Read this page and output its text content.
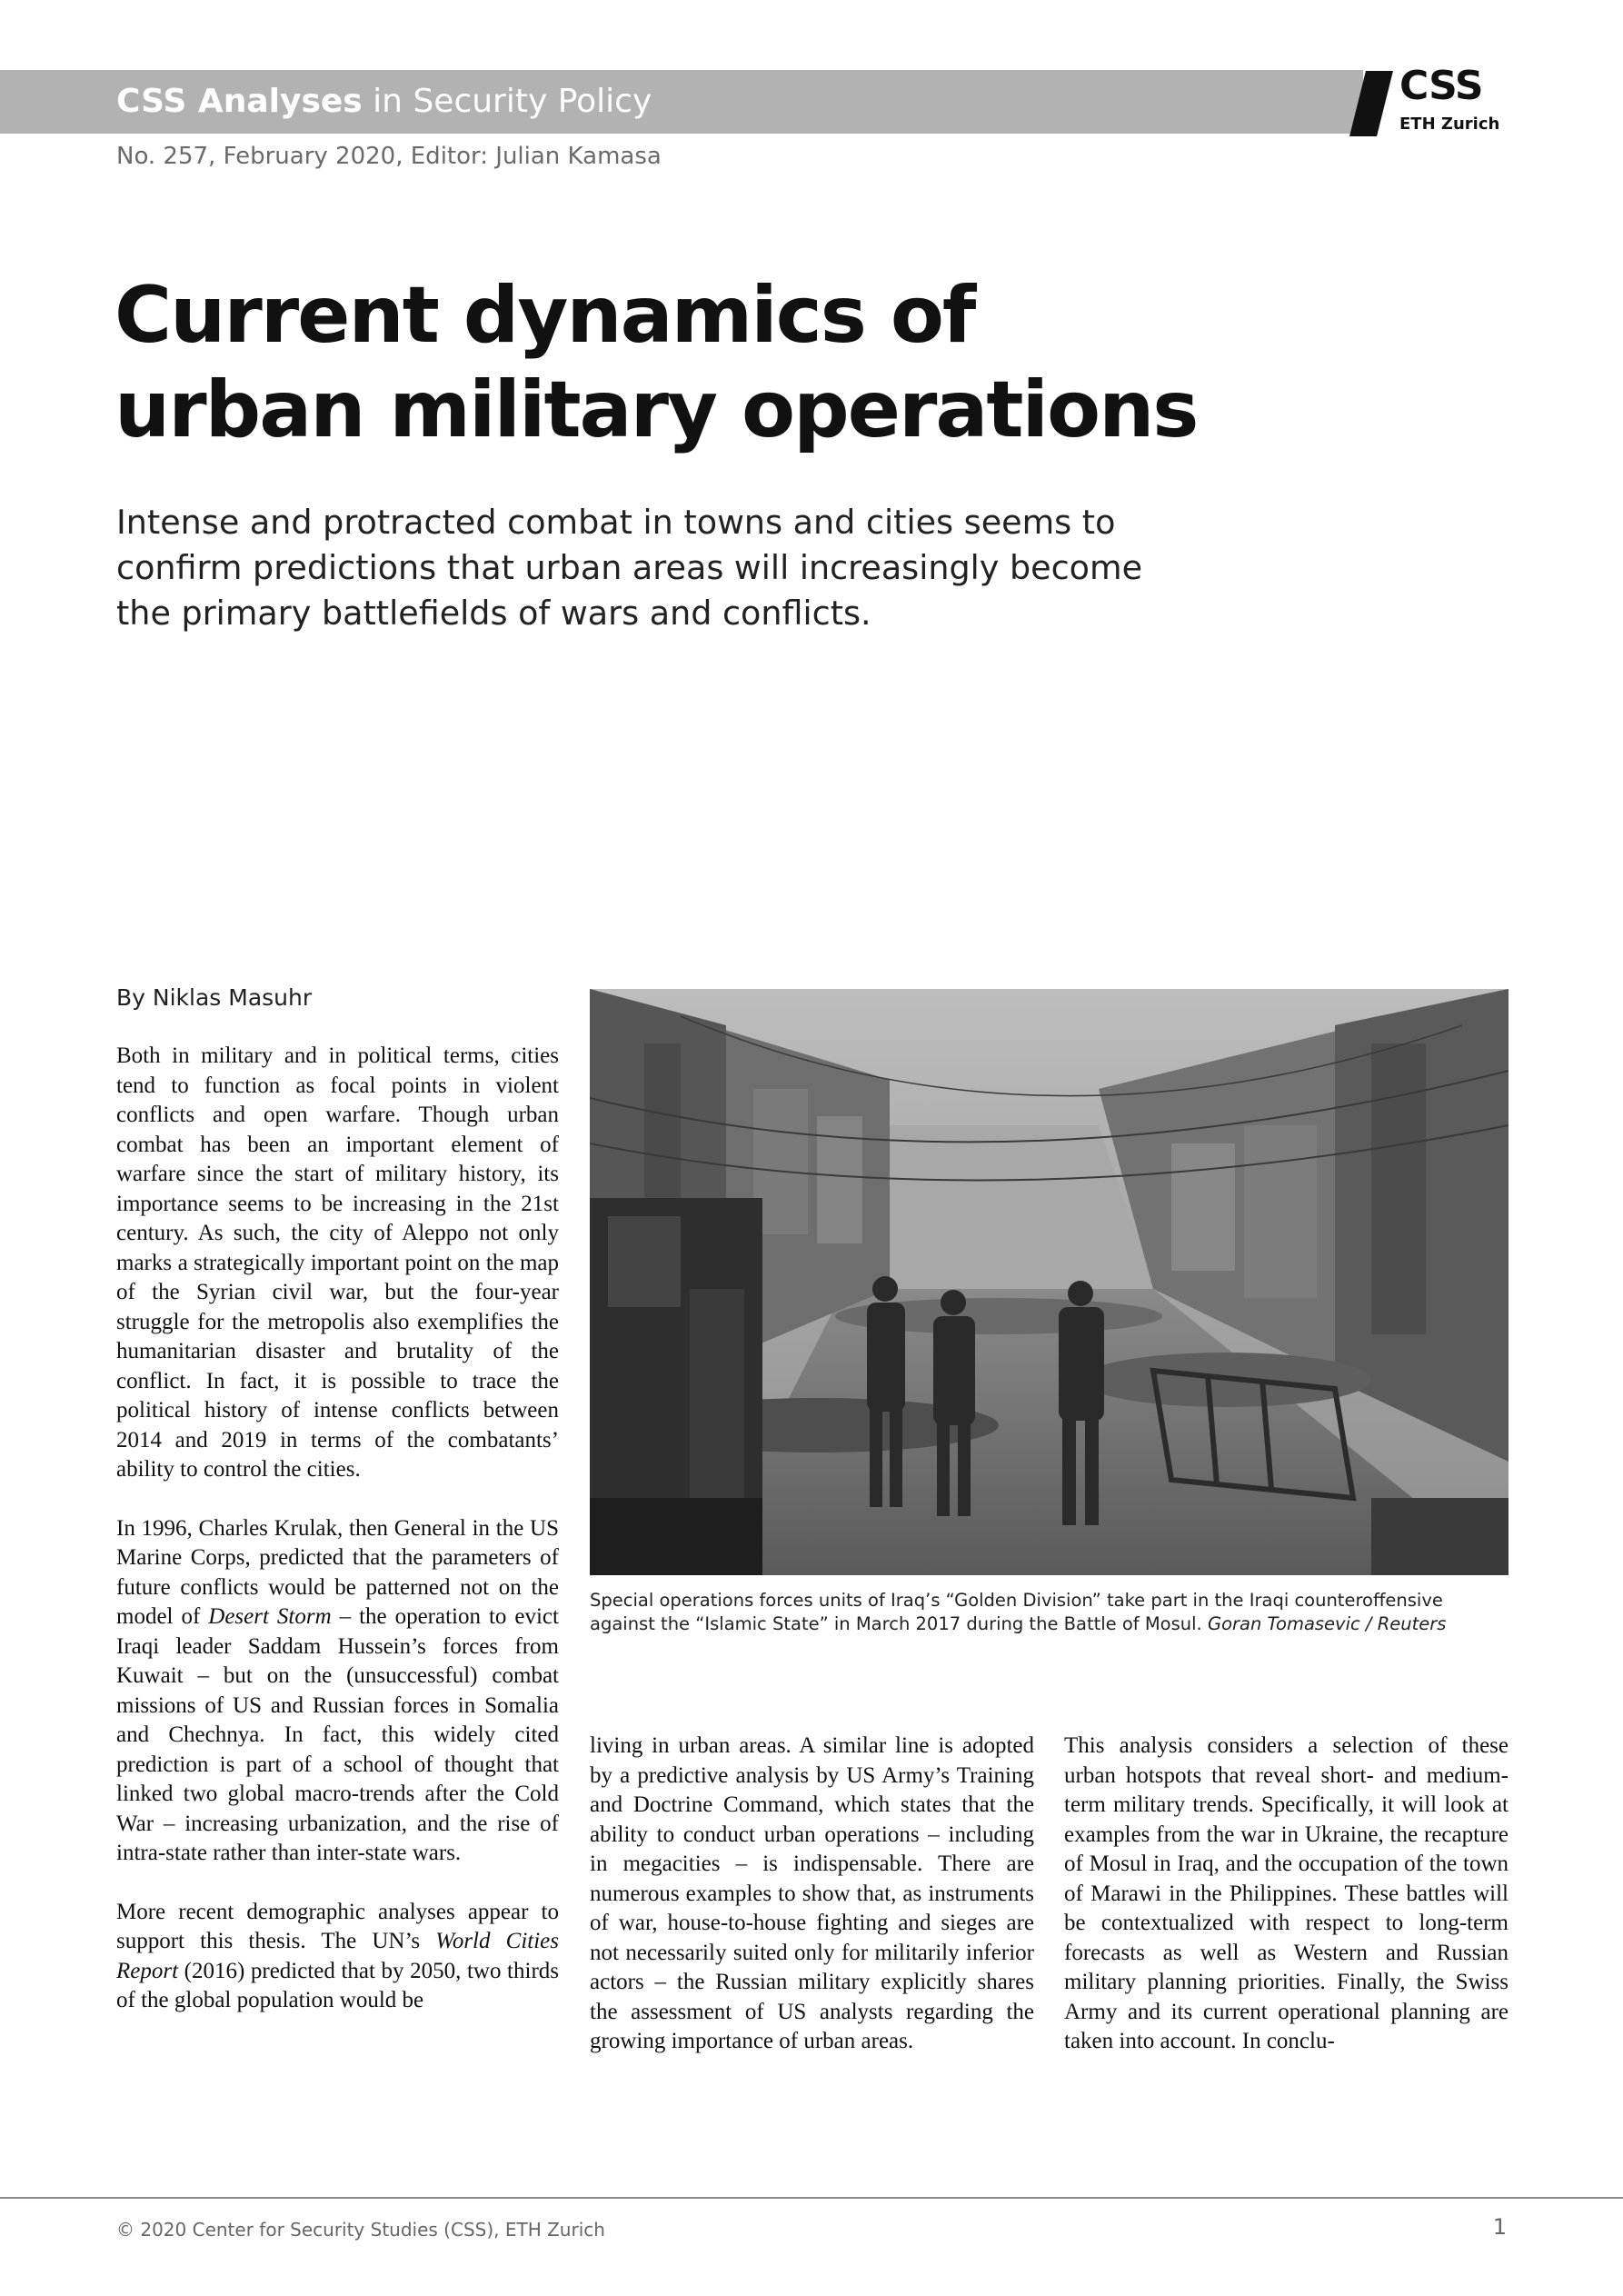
CSS Analyses in Security Policy	CSS
ETH Zurich
No. 257, February 2020, Editor: Julian Kamasa
Current dynamics of
urban military operations
Intense and protracted combat in towns and cities seems to
confirm predictions that urban areas will increasingly become
the primary battlefields of wars and conflicts.
By Niklas Masuhr

Both in military and in political terms, cities tend to function as focal points in violent conflicts and open warfare. Though urban combat has been an important element of warfare since the start of military history, its importance seems to be increasing in the 21st century. As such, the city of Aleppo not only marks a strategically important point on the map of the Syrian civil war, but the four-year struggle for the metropolis also exemplifies the humanitarian disaster and brutality of the conflict. In fact, it is possible to trace the political history of intense conflicts between 2014 and 2019 in terms of the combatants’ ability to control the cities.

In 1996, Charles Krulak, then General in the US Marine Corps, predicted that the parameters of future conflicts would be patterned not on the model of Desert Storm – the operation to evict Iraqi leader Saddam Hussein’s forces from Kuwait – but on the (unsuccessful) combat missions of US and Russian forces in Somalia and Chechnya. In fact, this widely cited prediction is part of a school of thought that linked two global macro-trends after the Cold War – increasing urbanization, and the rise of intra-state rather than inter-state wars.

More recent demographic analyses appear to support this thesis. The UN’s World Cities Report (2016) predicted that by 2050, two thirds of the global population would be

Special operations forces units of Iraq’s “Golden Division” take part in the Iraqi counteroffensive against the “Islamic State” in March 2017 during the Battle of Mosul. Goran Tomasevic / Reuters

living in urban areas. A similar line is adopted by a predictive analysis by US Army’s Training and Doctrine Command, which states that the ability to conduct urban operations – including in megacities – is indispensable. There are numerous examples to show that, as instruments of war, house-to-house fighting and sieges are not necessarily suited only for militarily inferior actors – the Russian military explicitly shares the assessment of US analysts regarding the growing importance of urban areas.

This analysis considers a selection of these urban hotspots that reveal short- and medium-term military trends. Specifically, it will look at examples from the war in Ukraine, the recapture of Mosul in Iraq, and the occupation of the town of Marawi in the Philippines. These battles will be contextualized with respect to long-term forecasts as well as Western and Russian military planning priorities. Finally, the Swiss Army and its current operational planning are taken into account. In conclu-

© 2020 Center for Security Studies (CSS), ETH Zurich	1
